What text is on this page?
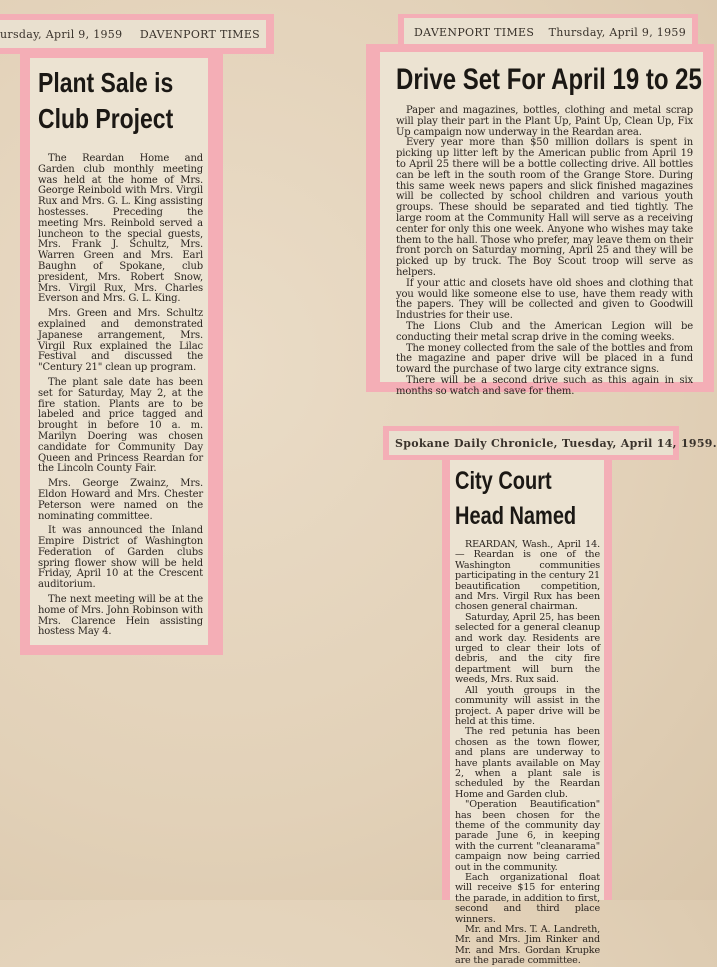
ursday, April 9, 1959 DAVENPORT TIMES
Plant Sale is
Club Project

The Reardan Home and Garden club monthly meeting was held at the home of Mrs. George Reinbold with Mrs. Virgil Rux and Mrs. G. L. King assisting hostesses. Preceding the meeting Mrs. Reinbold served a luncheon to the special guests, Mrs. Frank J. Schultz, Mrs. Warren Green and Mrs. Earl Baughn of Spokane, club president, Mrs. Robert Snow, Mrs. Virgil Rux, Mrs. Charles Everson and Mrs. G. L. King.

Mrs. Green and Mrs. Schultz explained and demonstrated Japanese arrangement, Mrs. Virgil Rux explained the Lilac Festival and discussed the "Century 21" clean up program.

The plant sale date has been set for Saturday, May 2, at the fire station. Plants are to be labeled and price tagged and brought in before 10 a. m. Marilyn Doering was chosen candidate for Community Day Queen and Princess Reardan for the Lincoln County Fair.

Mrs. George Zwainz, Mrs. Eldon Howard and Mrs. Chester Peterson were named on the nominating committee.

It was announced the Inland Empire District of Washington Federation of Garden clubs spring flower show will be held Friday, April 10 at the Crescent auditorium.

The next meeting will be at the home of Mrs. John Robinson with Mrs. Clarence Hein assisting hostess May 4.

DAVENPORT TIMES Thursday, April 9, 1959
Drive Set For April 19 to 25

Paper and magazines, bottles, clothing and metal scrap will play their part in the Plant Up, Paint Up, Clean Up, Fix Up campaign now underway in the Reardan area.

Every year more than $50 million dollars is spent in picking up litter left by the American public from April 19 to April 25 there will be a bottle collecting drive. All bottles can be left in the south room of the Grange Store. During this same week news papers and slick finished magazines will be collected by school children and various youth groups. These should be separated and tied tightly. The large room at the Community Hall will serve as a receiving center for only this one week. Anyone who wishes may take them to the hall. Those who prefer, may leave them on their front porch on Saturday morning, April 25 and they will be picked up by truck. The Boy Scout troop will serve as helpers.

If your attic and closets have old shoes and clothing that you would like someone else to use, have them ready with the papers. They will be collected and given to Goodwill Industries for their use.

The Lions Club and the American Legion will be conducting their metal scrap drive in the coming weeks.

The money collected from the sale of the bottles and from the magazine and paper drive will be placed in a fund toward the purchase of two large city extrance signs.

There will be a second drive such as this again in six months so watch and save for them.

Spokane Daily Chronicle, Tuesday, April 14, 1959.
City Court
Head Named

REARDAN, Wash., April 14.— Reardan is one of the Washington communities participating in the century 21 beautification competition, and Mrs. Virgil Rux has been chosen general chairman.

Saturday, April 25, has been selected for a general cleanup and work day. Residents are urged to clear their lots of debris, and the city fire department will burn the weeds, Mrs. Rux said.

All youth groups in the community will assist in the project. A paper drive will be held at this time.

The red petunia has been chosen as the town flower, and plans are underway to have plants available on May 2, when a plant sale is scheduled by the Reardan Home and Garden club.

"Operation Beautification" has been chosen for the theme of the community day parade June 6, in keeping with the current "cleanarama" campaign now being carried out in the community.

Each organizational float will receive $15 for entering the parade, in addition to first, second and third place winners.

Mr. and Mrs. T. A. Landreth, Mr. and Mrs. Jim Rinker and Mr. and Mrs. Gordan Krupke are the parade committee.
